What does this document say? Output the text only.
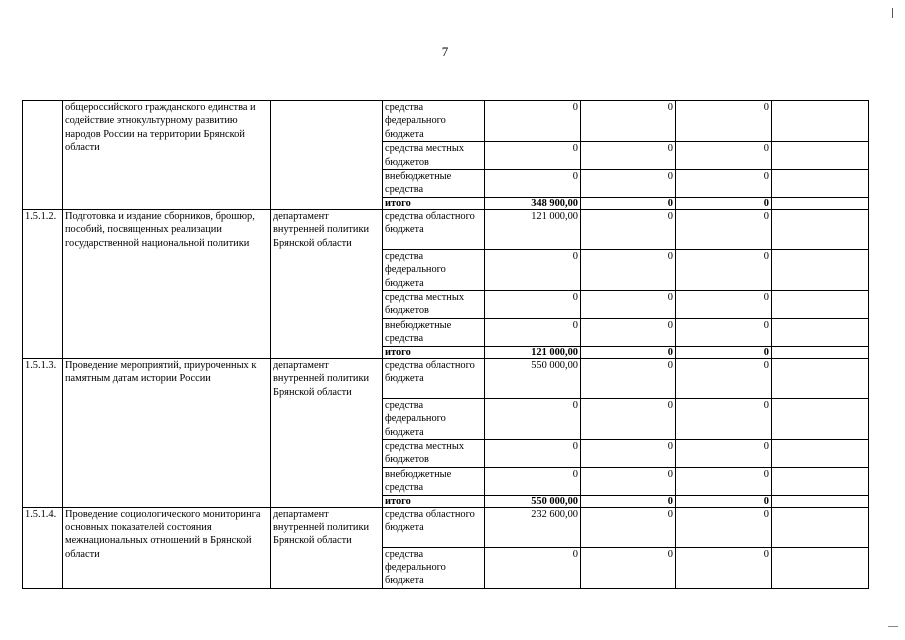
7
	общероссийского гражданского единства и содействие этнокультурному развитию народов России на территории Брянской области		средства федерального бюджета	0	0	0	
			средства местных бюджетов	0	0	0	
			внебюджетные средства	0	0	0	
			итого	348 900,00	0	0	
1.5.1.2.	Подготовка и издание сборников, брошюр, пособий, посвященных реализации государственной национальной политики	департамент внутренней политики Брянской области	средства областного бюджета	121 000,00	0	0	
			средства федерального бюджета	0	0	0	
			средства местных бюджетов	0	0	0	
			внебюджетные средства	0	0	0	
			итого	121 000,00	0	0	
1.5.1.3.	Проведение мероприятий, приуроченных к памятным датам истории России	департамент внутренней политики Брянской области	средства областного бюджета	550 000,00	0	0	
			средства федерального бюджета	0	0	0	
			средства местных бюджетов	0	0	0	
			внебюджетные средства	0	0	0	
			итого	550 000,00	0	0	
1.5.1.4.	Проведение социологического мониторинга основных показателей состояния межнациональных отношений в Брянской области	департамент внутренней политики Брянской области	средства областного бюджета	232 600,00	0	0	
			средства федерального бюджета	0	0	0	
